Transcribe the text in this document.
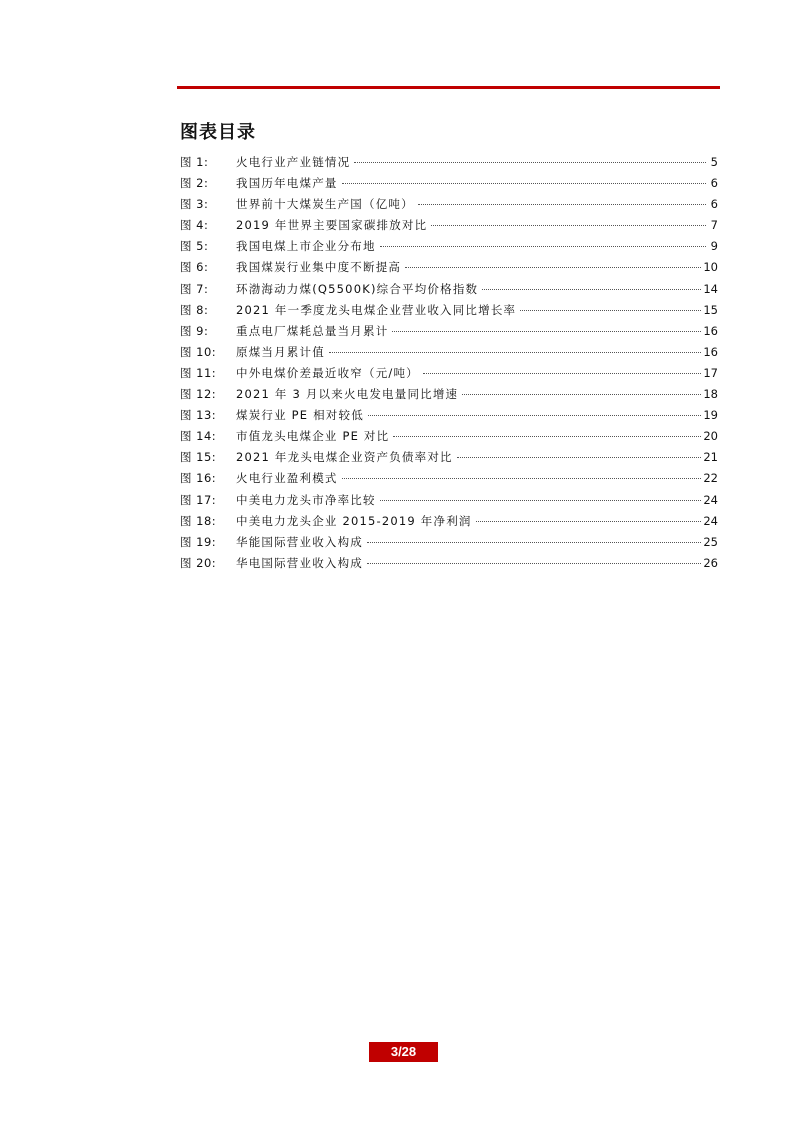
图表目录
图 1:	火电行业产业链情况	5
图 2:	我国历年电煤产量	6
图 3:	世界前十大煤炭生产国（亿吨）	6
图 4:	2019 年世界主要国家碳排放对比	7
图 5:	我国电煤上市企业分布地	9
图 6:	我国煤炭行业集中度不断提高	10
图 7:	环渤海动力煤(Q5500K)综合平均价格指数	14
图 8:	2021 年一季度龙头电煤企业营业收入同比增长率	15
图 9:	重点电厂煤耗总量当月累计	16
图 10:	原煤当月累计值	16
图 11:	中外电煤价差最近收窄（元/吨）	17
图 12:	2021 年 3 月以来火电发电量同比增速	18
图 13:	煤炭行业 PE 相对较低	19
图 14:	市值龙头电煤企业 PE 对比	20
图 15:	2021 年龙头电煤企业资产负债率对比	21
图 16:	火电行业盈利模式	22
图 17:	中美电力龙头市净率比较	24
图 18:	中美电力龙头企业 2015-2019 年净利润	24
图 19:	华能国际营业收入构成	25
图 20:	华电国际营业收入构成	26
3/28
